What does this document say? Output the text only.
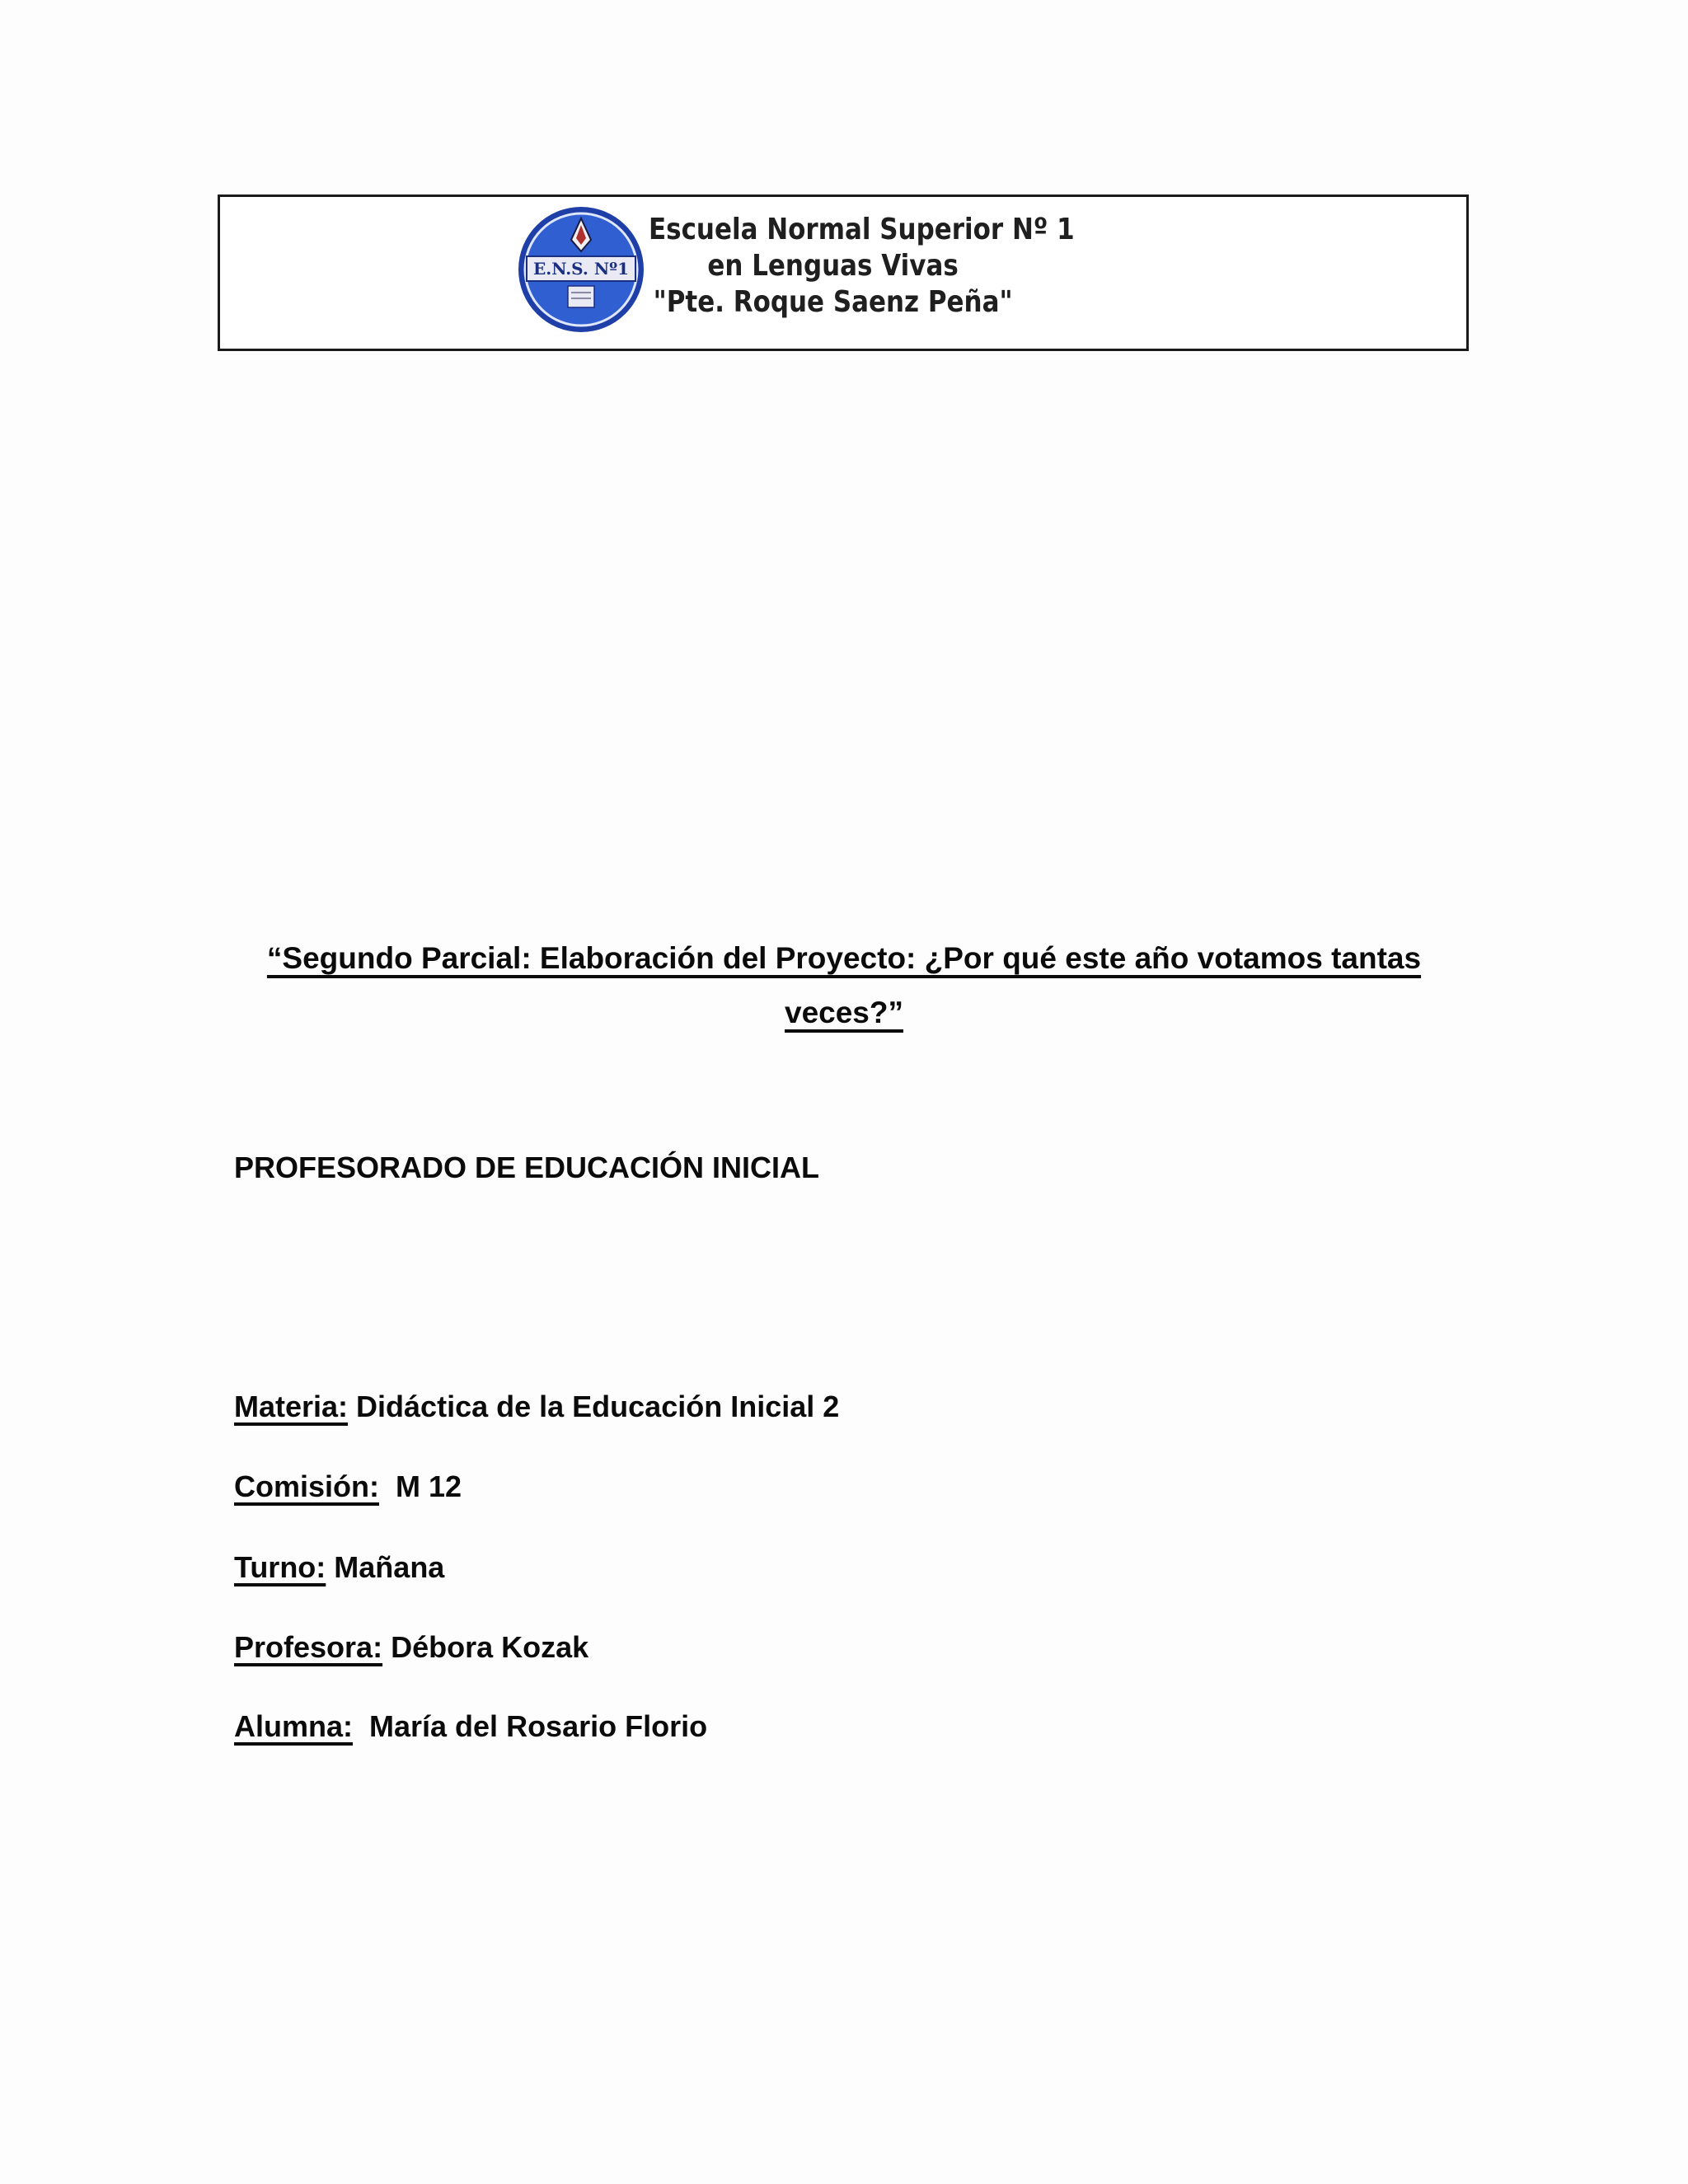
E.N.S. Nº1
Escuela Normal Superior Nº 1
en Lenguas Vivas
"Pte. Roque Saenz Peña"
“Segundo Parcial: Elaboración del Proyecto: ¿Por qué este año votamos tantas
veces?”
PROFESORADO DE EDUCACIÓN INICIAL
Materia: Didáctica de la Educación Inicial 2
Comisión:  M 12
Turno: Mañana
Profesora: Débora Kozak
Alumna:  María del Rosario Florio
